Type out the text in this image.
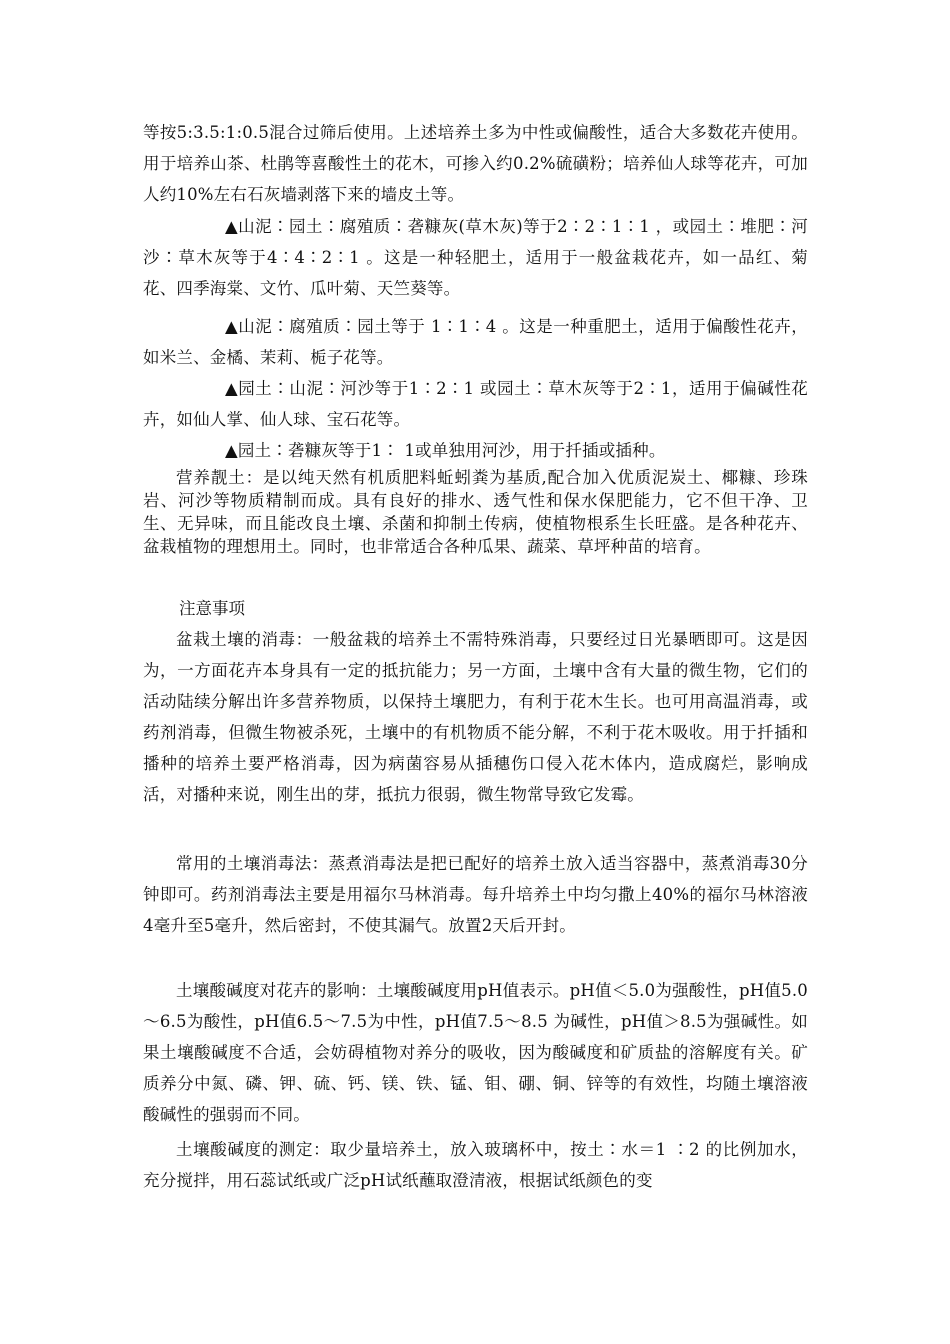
等按5:3.5:1:0.5混合过筛后使用。上述培养土多为中性或偏酸性，适合大多数花卉使用。用于培养山茶、杜鹃等喜酸性土的花木，可掺入约0.2%硫磺粉；培养仙人球等花卉，可加人约10%左右石灰墙剥落下来的墙皮土等。

▲山泥∶园土∶腐殖质∶砻糠灰(草木灰)等于2∶2∶1∶1 ，或园土∶堆肥∶河沙∶草木灰等于4∶4∶2∶1 。这是一种轻肥土，适用于一般盆栽花卉，如一品红、菊花、四季海棠、文竹、瓜叶菊、天竺葵等。

▲山泥∶腐殖质∶园土等于 1∶1∶4 。这是一种重肥土，适用于偏酸性花卉，如米兰、金橘、茉莉、栀子花等。

▲园土∶山泥∶河沙等于1∶2∶1 或园土∶草木灰等于2∶1，适用于偏碱性花卉，如仙人掌、仙人球、宝石花等。

▲园土∶砻糠灰等于1∶ 1或单独用河沙，用于扦插或插种。

营养靓土：是以纯天然有机质肥料蚯蚓粪为基质,配合加入优质泥炭土、椰糠、珍珠岩、河沙等物质精制而成。具有良好的排水、透气性和保水保肥能力，它不但干净、卫生、无异味，而且能改良土壤、杀菌和抑制土传病，使植物根系生长旺盛。是各种花卉、盆栽植物的理想用土。同时，也非常适合各种瓜果、蔬菜、草坪种苗的培育。

注意事项

盆栽土壤的消毒：一般盆栽的培养土不需特殊消毒，只要经过日光暴晒即可。这是因为，一方面花卉本身具有一定的抵抗能力；另一方面，土壤中含有大量的微生物，它们的活动陆续分解出许多营养物质，以保持土壤肥力，有利于花木生长。也可用高温消毒，或药剂消毒，但微生物被杀死，土壤中的有机物质不能分解，不利于花木吸收。用于扦插和播种的培养土要严格消毒，因为病菌容易从插穗伤口侵入花木体内，造成腐烂，影响成活，对播种来说，刚生出的芽，抵抗力很弱，微生物常导致它发霉。

常用的土壤消毒法：蒸煮消毒法是把已配好的培养土放入适当容器中，蒸煮消毒30分钟即可。药剂消毒法主要是用福尔马林消毒。每升培养土中均匀撒上40%的福尔马林溶液4毫升至5毫升，然后密封，不使其漏气。放置2天后开封。

土壤酸碱度对花卉的影响：土壤酸碱度用pH值表示。pH值＜5.0为强酸性，pH值5.0～6.5为酸性，pH值6.5～7.5为中性，pH值7.5～8.5 为碱性，pH值＞8.5为强碱性。如果土壤酸碱度不合适，会妨碍植物对养分的吸收，因为酸碱度和矿质盐的溶解度有关。矿质养分中氮、磷、钾、硫、钙、镁、铁、锰、钼、硼、铜、锌等的有效性，均随土壤溶液酸碱性的强弱而不同。

土壤酸碱度的测定：取少量培养土，放入玻璃杯中，按土∶水＝1 ∶2 的比例加水，充分搅拌，用石蕊试纸或广泛pH试纸蘸取澄清液，根据试纸颜色的变
